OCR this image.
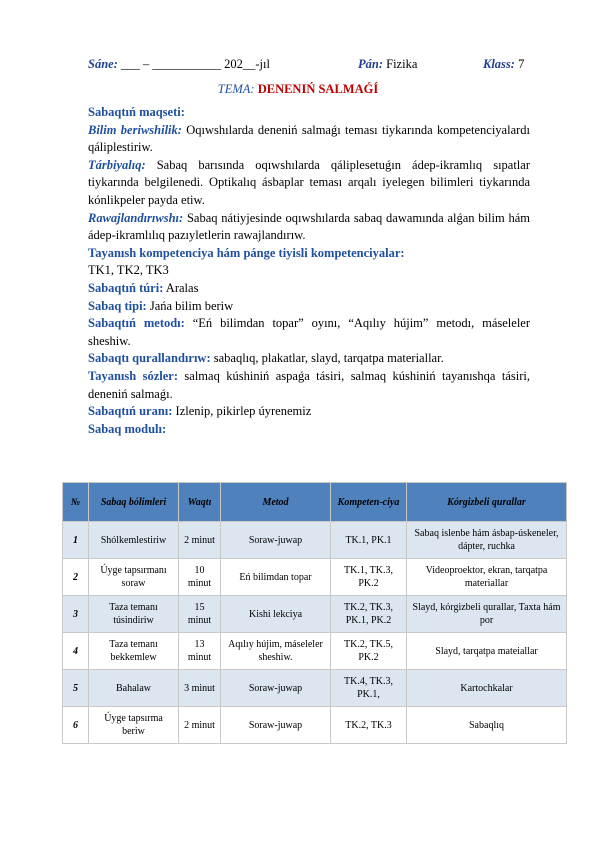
Sáne: ___ – ___________ 202__-jıl	Pán: Fizika	Klass: 7
TEMA: DENENIŃ SALMAǴÍ

Sabaqtıń maqseti:

Bilim beriwshilik: Oqıwshılarda deneniń salmaǵı teması tiykarında kompetenciyalardı qáliplestiriw.

Tárbiyalıq: Sabaq barısında oqıwshılarda qáliplesetuǵın ádep-ikramlıq sıpatlar tiykarında belgilenedi. Optikalıq ásbaplar teması arqalı iyelegen bilimleri tiykarında kónlikpeler payda etiw.

Rawajlandırıwshı: Sabaq nátiyjesinde oqıwshılarda sabaq dawamında alǵan bilim hám ádep-ikramlılıq pazıyletlerin rawajlandırıw.

Tayanısh kompetenciya hám pánge tiyisli kompetenciyalar:

TK1, TK2, TK3

Sabaqtıń túri: Aralas

Sabaq tipi: Jańa bilim beriw

Sabaqtıń metodı: “Eń bilimdan topar” oyını, “Aqılıy hújim” metodı, máseleler sheshiw.

Sabaqtı qurallandırıw: sabaqlıq, plakatlar, slayd, tarqatpa materiallar.

Tayanısh sózler: salmaq kúshiniń aspaǵa tásiri, salmaq kúshiniń tayanıshqa tásiri, deneniń salmaǵı.

Sabaqtıń uranı: Izlenip, pikirlep úyrenemiz

Sabaq modulı:

№	Sabaq bólimleri	Waqtı	Metod	Kompeten-ciya	Kórgizbeli qurallar
1	Shólkemlestiriw	2 minut	Soraw-juwap	TK.1, PK.1	Sabaq islenbe hám ásbap-úskeneler, dápter, ruchka
2	Úyge tapsırmanı soraw	10 minut	Eń bilimdan topar	TK.1, TK.3, PK.2	Videoproektor, ekran, tarqatpa materiallar
3	Taza temanı túsindiriw	15 minut	Kishi lekciya	TK.2, TK.3, PK.1, PK.2	Slayd, kórgizbeli qurallar, Taxta hám por
4	Taza temanı bekkemlew	13 minut	Aqılıy hújim, máseleler sheshiw.	TK.2, TK.5, PK.2	Slayd, tarqatpa mateiallar
5	Bahalaw	3 minut	Soraw-juwap	TK.4, TK.3, PK.1,	Kartochkalar
6	Úyge tapsırma beriw	2 minut	Soraw-juwap	TK.2, TK.3	Sabaqlıq
